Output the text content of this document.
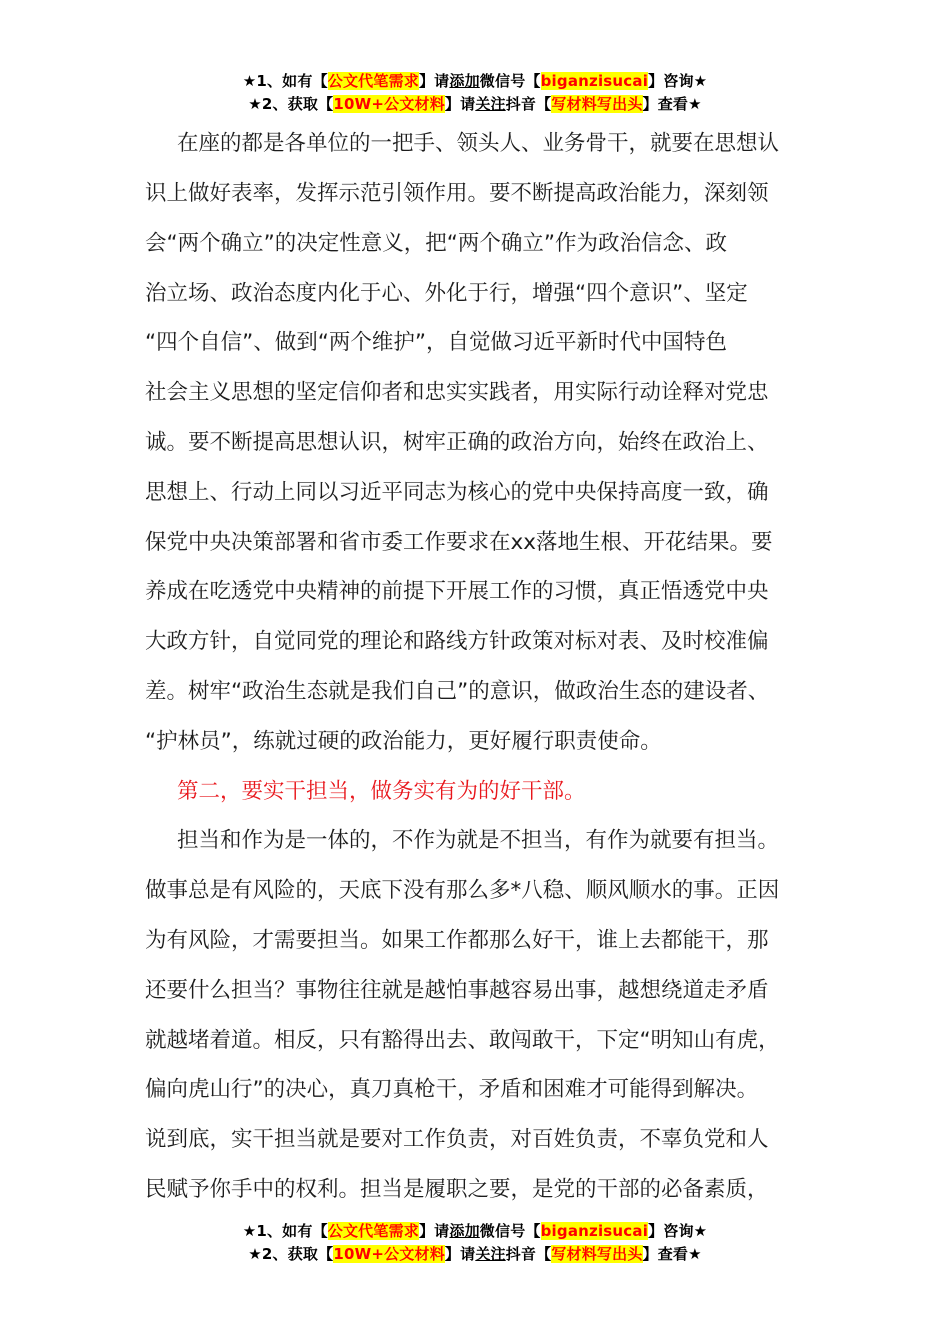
★1、如有【公文代笔需求】请添加微信号【biganzisucai】咨询★
★2、获取【10W+公文材料】请关注抖音【写材料写出头】查看★
在座的都是各单位的一把手、领头人、业务骨干，就要在思想认
识上做好表率，发挥示范引领作用。要不断提高政治能力，深刻领
会“两个确立”的决定性意义，把“两个确立”作为政治信念、政
治立场、政治态度内化于心、外化于行，增强“四个意识”、坚定
“四个自信”、做到“两个维护”，自觉做习近平新时代中国特色
社会主义思想的坚定信仰者和忠实实践者，用实际行动诠释对党忠
诚。要不断提高思想认识，树牢正确的政治方向，始终在政治上、
思想上、行动上同以习近平同志为核心的党中央保持高度一致，确
保党中央决策部署和省市委工作要求在xx落地生根、开花结果。要
养成在吃透党中央精神的前提下开展工作的习惯，真正悟透党中央
大政方针，自觉同党的理论和路线方针政策对标对表、及时校准偏
差。树牢“政治生态就是我们自己”的意识，做政治生态的建设者、
“护林员”，练就过硬的政治能力，更好履行职责使命。
第二，要实干担当，做务实有为的好干部。
担当和作为是一体的，不作为就是不担当，有作为就要有担当。
做事总是有风险的，天底下没有那么多*八稳、顺风顺水的事。正因
为有风险，才需要担当。如果工作都那么好干，谁上去都能干，那
还要什么担当？事物往往就是越怕事越容易出事，越想绕道走矛盾
就越堵着道。相反，只有豁得出去、敢闯敢干，下定“明知山有虎，
偏向虎山行”的决心，真刀真枪干，矛盾和困难才可能得到解决。
说到底，实干担当就是要对工作负责，对百姓负责，不辜负党和人
民赋予你手中的权利。担当是履职之要，是党的干部的必备素质，
★1、如有【公文代笔需求】请添加微信号【biganzisucai】咨询★
★2、获取【10W+公文材料】请关注抖音【写材料写出头】查看★
